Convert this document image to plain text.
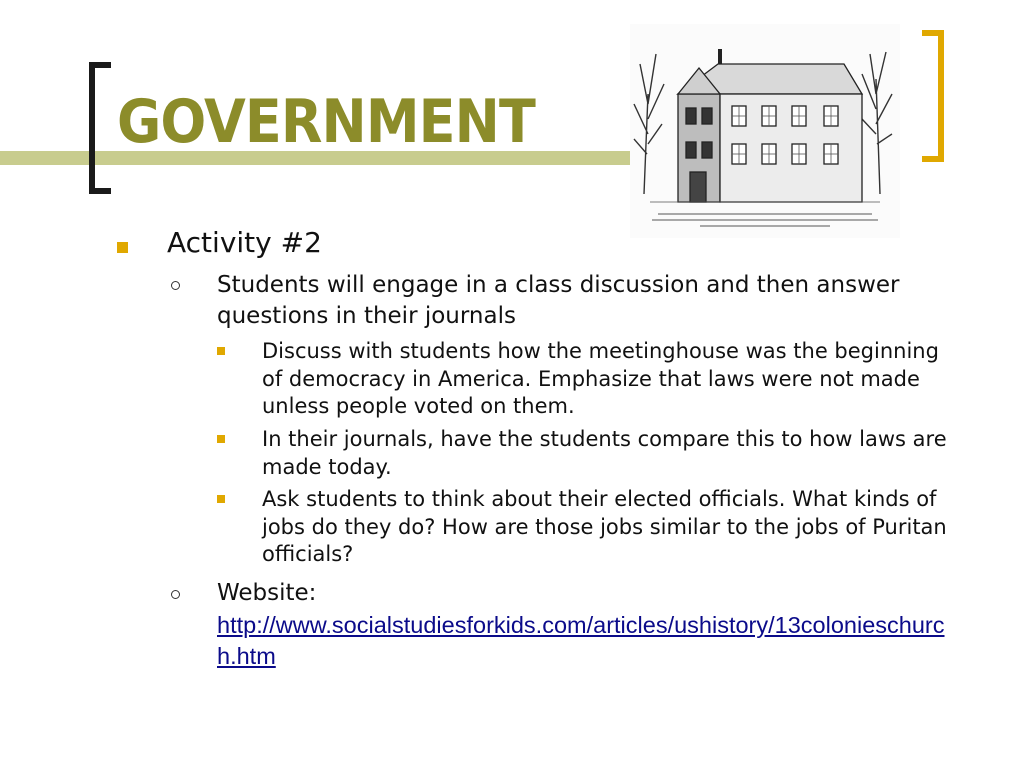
GOVERNMENT

Activity #2

Students will engage in a class discussion and then answer questions in their journals

Discuss with students how the meetinghouse was the beginning of democracy in America. Emphasize that laws were not made unless people voted on them.

In their journals, have the students compare this to how laws are made today.

Ask students to think about their elected officials. What kinds of jobs do they do? How are those jobs similar to the jobs of Puritan officials?

Website:

http://www.socialstudiesforkids.com/articles/ushistory/13colonieschurch.htm
